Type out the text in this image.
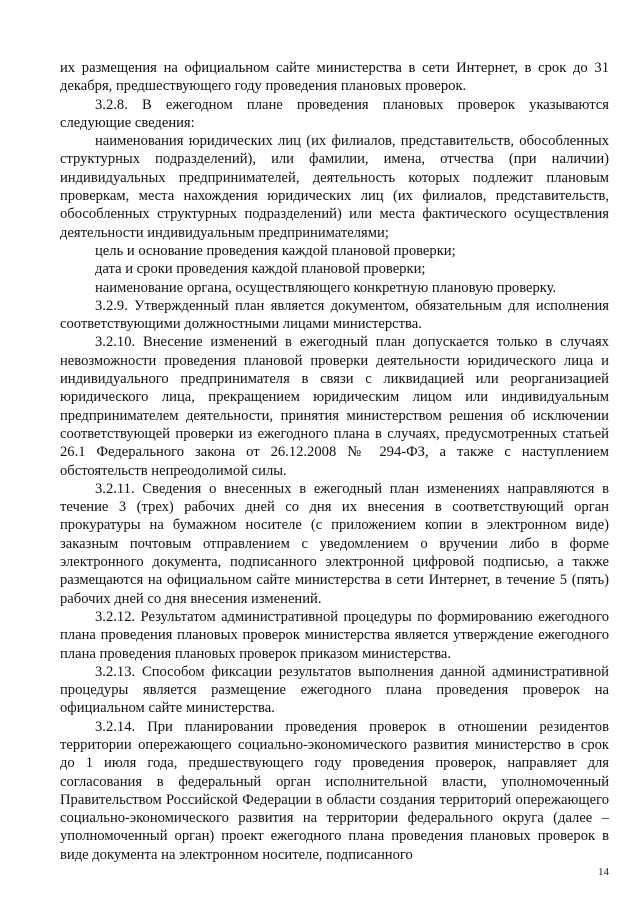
их размещения на официальном сайте министерства в сети Интернет, в срок до 31 декабря, предшествующего году проведения плановых проверок.

3.2.8. В ежегодном плане проведения плановых проверок указываются следующие сведения:

наименования юридических лиц (их филиалов, представительств, обособленных структурных подразделений), или фамилии, имена, отчества (при наличии) индивидуальных предпринимателей, деятельность которых подлежит плановым проверкам, места нахождения юридических лиц (их филиалов, представительств, обособленных структурных подразделений) или места фактического осуществления деятельности индивидуальным предпринимателями;

цель и основание проведения каждой плановой проверки;

дата и сроки проведения каждой плановой проверки;

наименование органа, осуществляющего конкретную плановую проверку.

3.2.9. Утвержденный план является документом, обязательным для исполнения соответствующими должностными лицами министерства.

3.2.10. Внесение изменений в ежегодный план допускается только в случаях невозможности проведения плановой проверки деятельности юридического лица и индивидуального предпринимателя в связи с ликвидацией или реорганизацией юридического лица, прекращением юридическим лицом или индивидуальным предпринимателем деятельности, принятия министерством решения об исключении соответствующей проверки из ежегодного плана в случаях, предусмотренных статьей 26.1 Федерального закона от 26.12.2008 № 294-ФЗ, а также с наступлением обстоятельств непреодолимой силы.

3.2.11. Сведения о внесенных в ежегодный план изменениях направляются в течение 3 (трех) рабочих дней со дня их внесения в соответствующий орган прокуратуры на бумажном носителе (с приложением копии в электронном виде) заказным почтовым отправлением с уведомлением о вручении либо в форме электронного документа, подписанного электронной цифровой подписью, а также размещаются на официальном сайте министерства в сети Интернет, в течение 5 (пять) рабочих дней со дня внесения изменений.

3.2.12. Результатом административной процедуры по формированию ежегодного плана проведения плановых проверок министерства является утверждение ежегодного плана проведения плановых проверок приказом министерства.

3.2.13. Способом фиксации результатов выполнения данной административной процедуры является размещение ежегодного плана проведения проверок на официальном сайте министерства.

3.2.14. При планировании проведения проверок в отношении резидентов территории опережающего социально-экономического развития министерство в срок до 1 июля года, предшествующего году проведения проверок, направляет для согласования в федеральный орган исполнительной власти, уполномоченный Правительством Российской Федерации в области создания территорий опережающего социально-экономического развития на территории федерального округа (далее – уполномоченный орган) проект ежегодного плана проведения плановых проверок в виде документа на электронном носителе, подписанного

14
